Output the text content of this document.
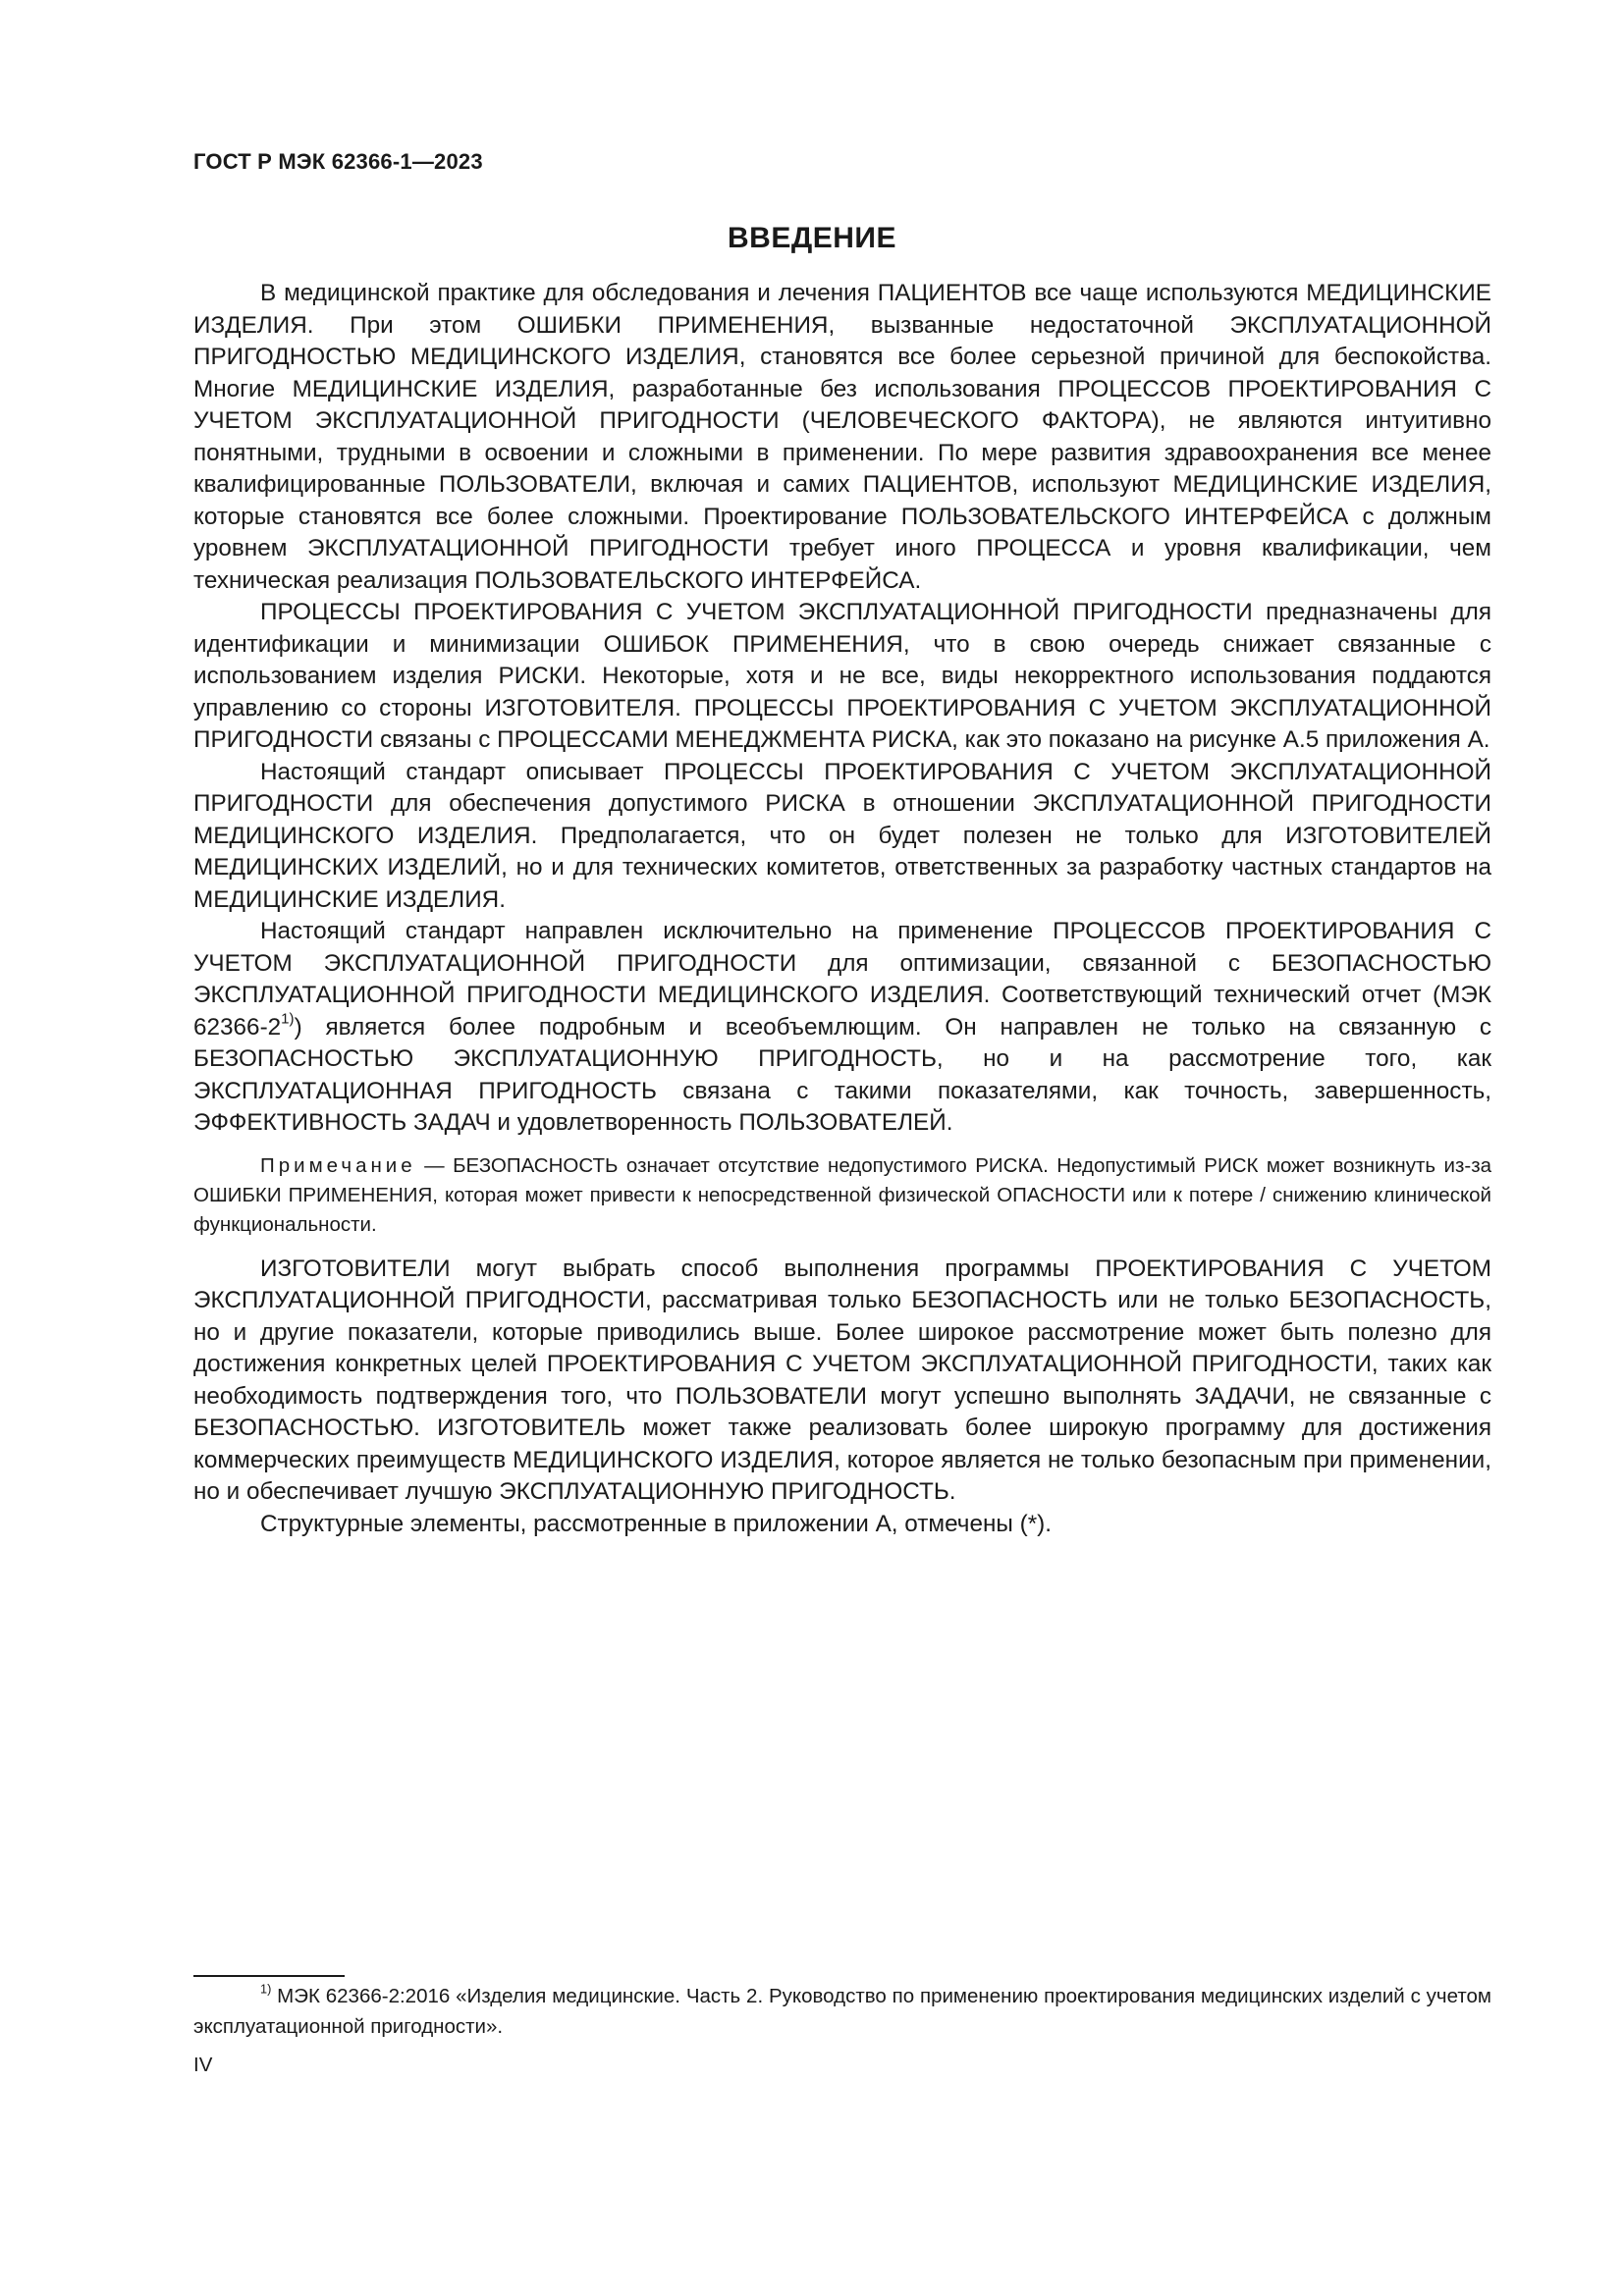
ГОСТ Р МЭК 62366-1—2023
ВВЕДЕНИЕ

В медицинской практике для обследования и лечения ПАЦИЕНТОВ все чаще используются МЕДИЦИНСКИЕ ИЗДЕЛИЯ. При этом ОШИБКИ ПРИМЕНЕНИЯ, вызванные недостаточной ЭКСПЛУАТАЦИОННОЙ ПРИГОДНОСТЬЮ МЕДИЦИНСКОГО ИЗДЕЛИЯ, становятся все более серьезной причиной для беспокойства. Многие МЕДИЦИНСКИЕ ИЗДЕЛИЯ, разработанные без использования ПРОЦЕССОВ ПРОЕКТИРОВАНИЯ С УЧЕТОМ ЭКСПЛУАТАЦИОННОЙ ПРИГОДНОСТИ (ЧЕЛОВЕЧЕСКОГО ФАКТОРА), не являются интуитивно понятными, трудными в освоении и сложными в применении. По мере развития здравоохранения все менее квалифицированные ПОЛЬЗОВАТЕЛИ, включая и самих ПАЦИЕНТОВ, используют МЕДИЦИНСКИЕ ИЗДЕЛИЯ, которые становятся все более сложными. Проектирование ПОЛЬЗОВАТЕЛЬСКОГО ИНТЕРФЕЙСА с должным уровнем ЭКСПЛУАТАЦИОННОЙ ПРИГОДНОСТИ требует иного ПРОЦЕССА и уровня квалификации, чем техническая реализация ПОЛЬЗОВАТЕЛЬСКОГО ИНТЕРФЕЙСА.

ПРОЦЕССЫ ПРОЕКТИРОВАНИЯ С УЧЕТОМ ЭКСПЛУАТАЦИОННОЙ ПРИГОДНОСТИ предназначены для идентификации и минимизации ОШИБОК ПРИМЕНЕНИЯ, что в свою очередь снижает связанные с использованием изделия РИСКИ. Некоторые, хотя и не все, виды некорректного использования поддаются управлению со стороны ИЗГОТОВИТЕЛЯ. ПРОЦЕССЫ ПРОЕКТИРОВАНИЯ С УЧЕТОМ ЭКСПЛУАТАЦИОННОЙ ПРИГОДНОСТИ связаны с ПРОЦЕССАМИ МЕНЕДЖМЕНТА РИСКА, как это показано на рисунке А.5 приложения А.

Настоящий стандарт описывает ПРОЦЕССЫ ПРОЕКТИРОВАНИЯ С УЧЕТОМ ЭКСПЛУАТАЦИОННОЙ ПРИГОДНОСТИ для обеспечения допустимого РИСКА в отношении ЭКСПЛУАТАЦИОННОЙ ПРИГОДНОСТИ МЕДИЦИНСКОГО ИЗДЕЛИЯ. Предполагается, что он будет полезен не только для ИЗГОТОВИТЕЛЕЙ МЕДИЦИНСКИХ ИЗДЕЛИЙ, но и для технических комитетов, ответственных за разработку частных стандартов на МЕДИЦИНСКИЕ ИЗДЕЛИЯ.

Настоящий стандарт направлен исключительно на применение ПРОЦЕССОВ ПРОЕКТИРОВАНИЯ С УЧЕТОМ ЭКСПЛУАТАЦИОННОЙ ПРИГОДНОСТИ для оптимизации, связанной с БЕЗОПАСНОСТЬЮ ЭКСПЛУАТАЦИОННОЙ ПРИГОДНОСТИ МЕДИЦИНСКОГО ИЗДЕЛИЯ. Соответствующий технический отчет (МЭК 62366-2$^{1)}$) является более подробным и всеобъемлющим. Он направлен не только на связанную с БЕЗОПАСНОСТЬЮ ЭКСПЛУАТАЦИОННУЮ ПРИГОДНОСТЬ, но и на рассмотрение того, как ЭКСПЛУАТАЦИОННАЯ ПРИГОДНОСТЬ связана с такими показателями, как точность, завершенность, ЭФФЕКТИВНОСТЬ ЗАДАЧ и удовлетворенность ПОЛЬЗОВАТЕЛЕЙ.

Примечание — БЕЗОПАСНОСТЬ означает отсутствие недопустимого РИСКА. Недопустимый РИСК может возникнуть из-за ОШИБКИ ПРИМЕНЕНИЯ, которая может привести к непосредственной физической ОПАСНОСТИ или к потере / снижению клинической функциональности.

ИЗГОТОВИТЕЛИ могут выбрать способ выполнения программы ПРОЕКТИРОВАНИЯ С УЧЕТОМ ЭКСПЛУАТАЦИОННОЙ ПРИГОДНОСТИ, рассматривая только БЕЗОПАСНОСТЬ или не только БЕЗОПАСНОСТЬ, но и другие показатели, которые приводились выше. Более широкое рассмотрение может быть полезно для достижения конкретных целей ПРОЕКТИРОВАНИЯ С УЧЕТОМ ЭКСПЛУАТАЦИОННОЙ ПРИГОДНОСТИ, таких как необходимость подтверждения того, что ПОЛЬЗОВАТЕЛИ могут успешно выполнять ЗАДАЧИ, не связанные с БЕЗОПАСНОСТЬЮ. ИЗГОТОВИТЕЛЬ может также реализовать более широкую программу для достижения коммерческих преимуществ МЕДИЦИНСКОГО ИЗДЕЛИЯ, которое является не только безопасным при применении, но и обеспечивает лучшую ЭКСПЛУАТАЦИОННУЮ ПРИГОДНОСТЬ.

Структурные элементы, рассмотренные в приложении А, отмечены (*).

$^{1)}$ МЭК 62366-2:2016 «Изделия медицинские. Часть 2. Руководство по применению проектирования медицинских изделий с учетом эксплуатационной пригодности».

IV
